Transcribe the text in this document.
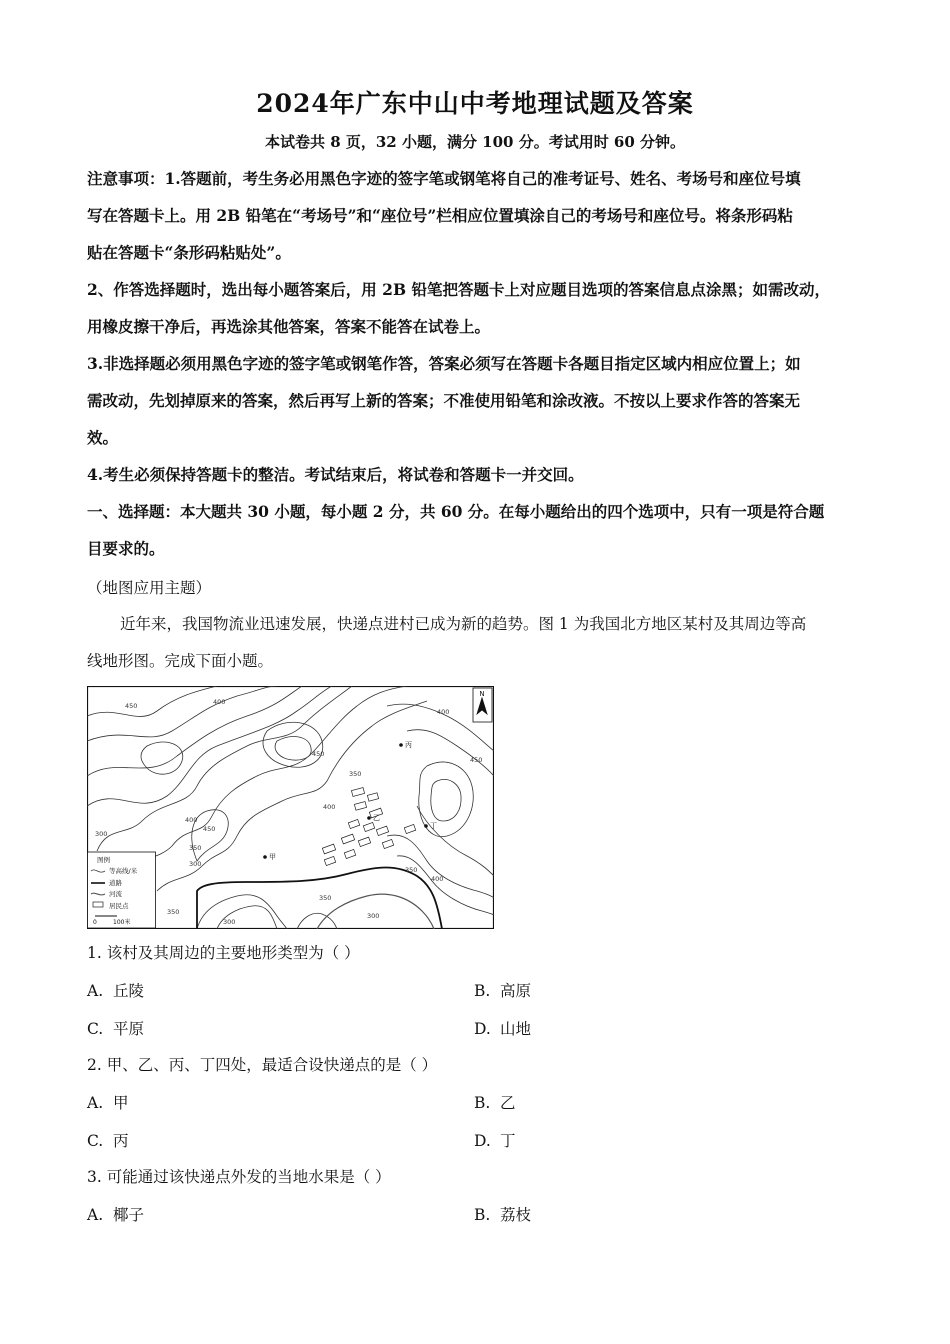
2024年广东中山中考地理试题及答案
本试卷共 8 页，32 小题，满分 100 分。考试用时 60 分钟。
注意事项：1.答题前，考生务必用黑色字迹的签字笔或钢笔将自己的准考证号、姓名、考场号和座位号填
写在答题卡上。用 2B 铅笔在“考场号”和“座位号”栏相应位置填涂自己的考场号和座位号。将条形码粘
贴在答题卡“条形码粘贴处”。
2、作答选择题时，选出每小题答案后，用 2B 铅笔把答题卡上对应题目选项的答案信息点涂黑；如需改动，
用橡皮擦干净后，再选涂其他答案，答案不能答在试卷上。
3.非选择题必须用黑色字迹的签字笔或钢笔作答，答案必须写在答题卡各题目指定区域内相应位置上；如
需改动，先划掉原来的答案，然后再写上新的答案；不准使用铅笔和涂改液。不按以上要求作答的答案无
效。
4.考生必须保持答题卡的整洁。考试结束后，将试卷和答题卡一并交回。
一、选择题：本大题共 30 小题，每小题 2 分，共 60 分。在每小题给出的四个选项中，只有一项是符合题
目要求的。
（地图应用主题）
近年来，我国物流业迅速发展，快递点进村已成为新的趋势。图 1 为我国北方地区某村及其周边等高
线地形图。完成下面小题。
N
甲
乙
丙
丁
450	400
450
400
450
350
300
350
400
400
450
350
400
300
300
300
350
350
图例
等高线/米
道路
河流
居民点
0	100米
1. 该村及其周边的主要地形类型为（ ）
A. 丘陵	B. 高原
C. 平原	D. 山地
2. 甲、乙、丙、丁四处，最适合设快递点的是（ ）
A. 甲	B. 乙
C. 丙	D. 丁
3. 可能通过该快递点外发的当地水果是（ ）
A. 椰子	B. 荔枝
